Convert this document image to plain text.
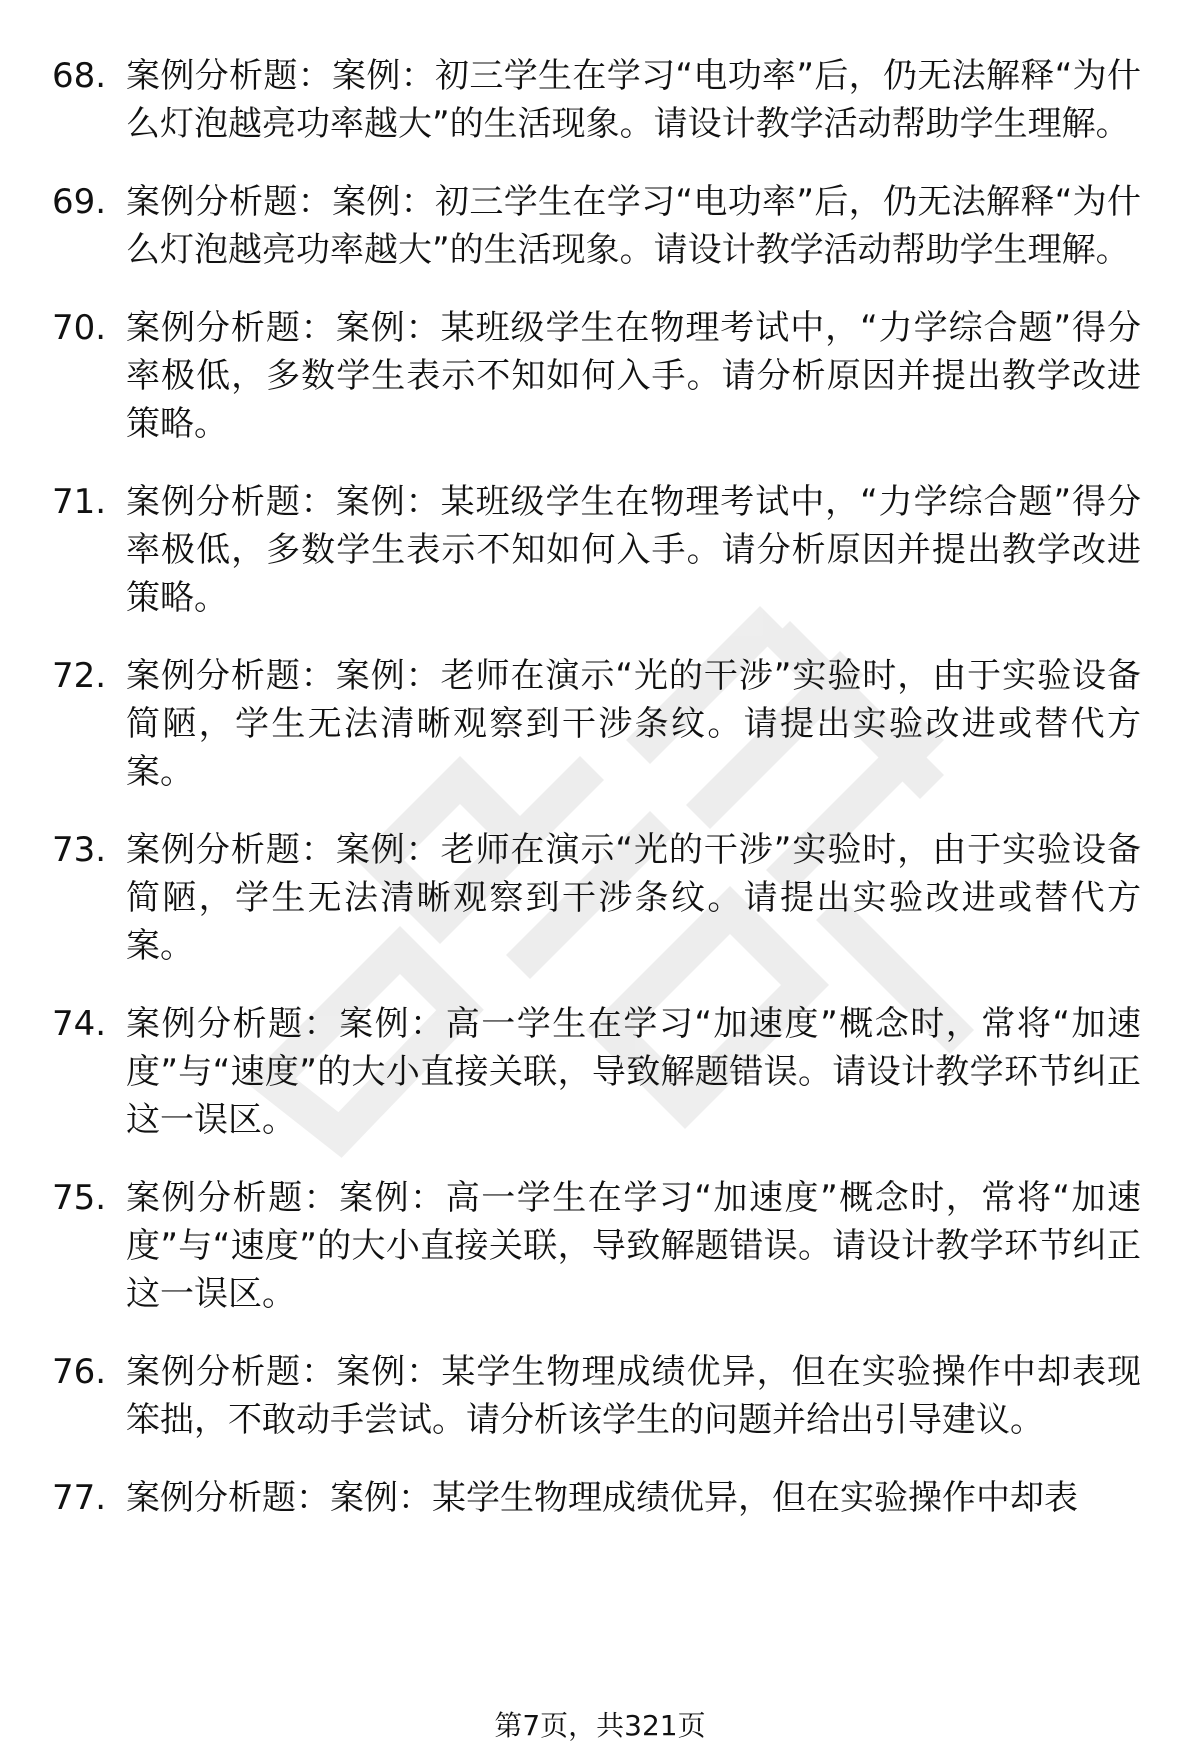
68. 案例分析题：案例：初三学生在学习“电功率”后，仍无法解释“为什么灯泡越亮功率越大”的生活现象。请设计教学活动帮助学生理解。
69. 案例分析题：案例：初三学生在学习“电功率”后，仍无法解释“为什么灯泡越亮功率越大”的生活现象。请设计教学活动帮助学生理解。
70. 案例分析题：案例：某班级学生在物理考试中，“力学综合题”得分率极低，多数学生表示不知如何入手。请分析原因并提出教学改进策略。
71. 案例分析题：案例：某班级学生在物理考试中，“力学综合题”得分率极低，多数学生表示不知如何入手。请分析原因并提出教学改进策略。
72. 案例分析题：案例：老师在演示“光的干涉”实验时，由于实验设备简陋，学生无法清晰观察到干涉条纹。请提出实验改进或替代方案。
73. 案例分析题：案例：老师在演示“光的干涉”实验时，由于实验设备简陋，学生无法清晰观察到干涉条纹。请提出实验改进或替代方案。
74. 案例分析题：案例：高一学生在学习“加速度”概念时，常将“加速度”与“速度”的大小直接关联，导致解题错误。请设计教学环节纠正这一误区。
75. 案例分析题：案例：高一学生在学习“加速度”概念时，常将“加速度”与“速度”的大小直接关联，导致解题错误。请设计教学环节纠正这一误区。
76. 案例分析题：案例：某学生物理成绩优异，但在实验操作中却表现笨拙，不敢动手尝试。请分析该学生的问题并给出引导建议。
77. 案例分析题：案例：某学生物理成绩优异，但在实验操作中却表
第7页，共321页
